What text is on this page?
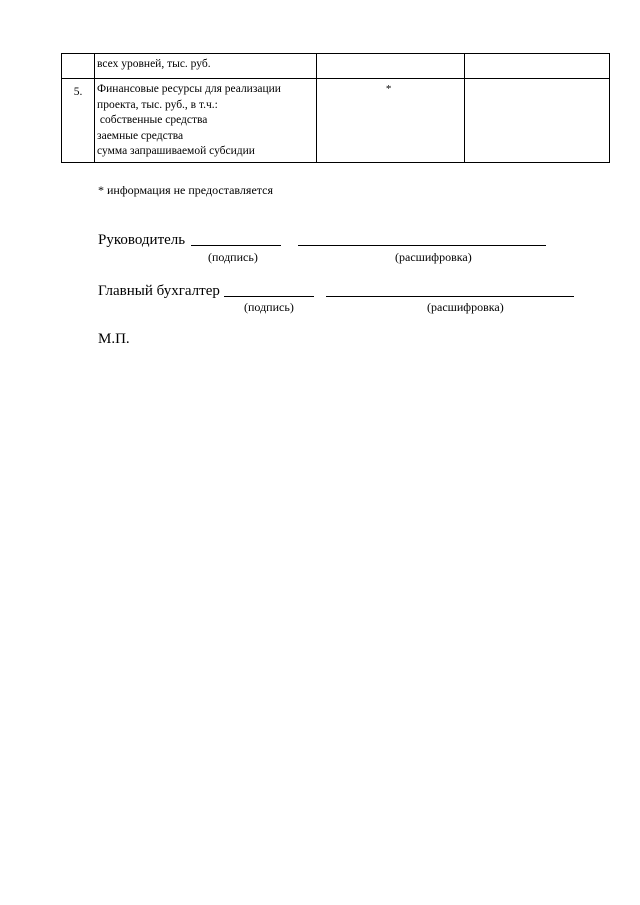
	всех уровней, тыс. руб.		

5.	Финансовые ресурсы для реализации
проекта, тыс. руб., в т.ч.:
собственные средства
заемные средства
сумма запрашиваемой субсидии	*	

* информация не предоставляется
Руководитель
(подпись)	(расшифровка)
Главный бухгалтер
(подпись)	(расшифровка)
М.П.
